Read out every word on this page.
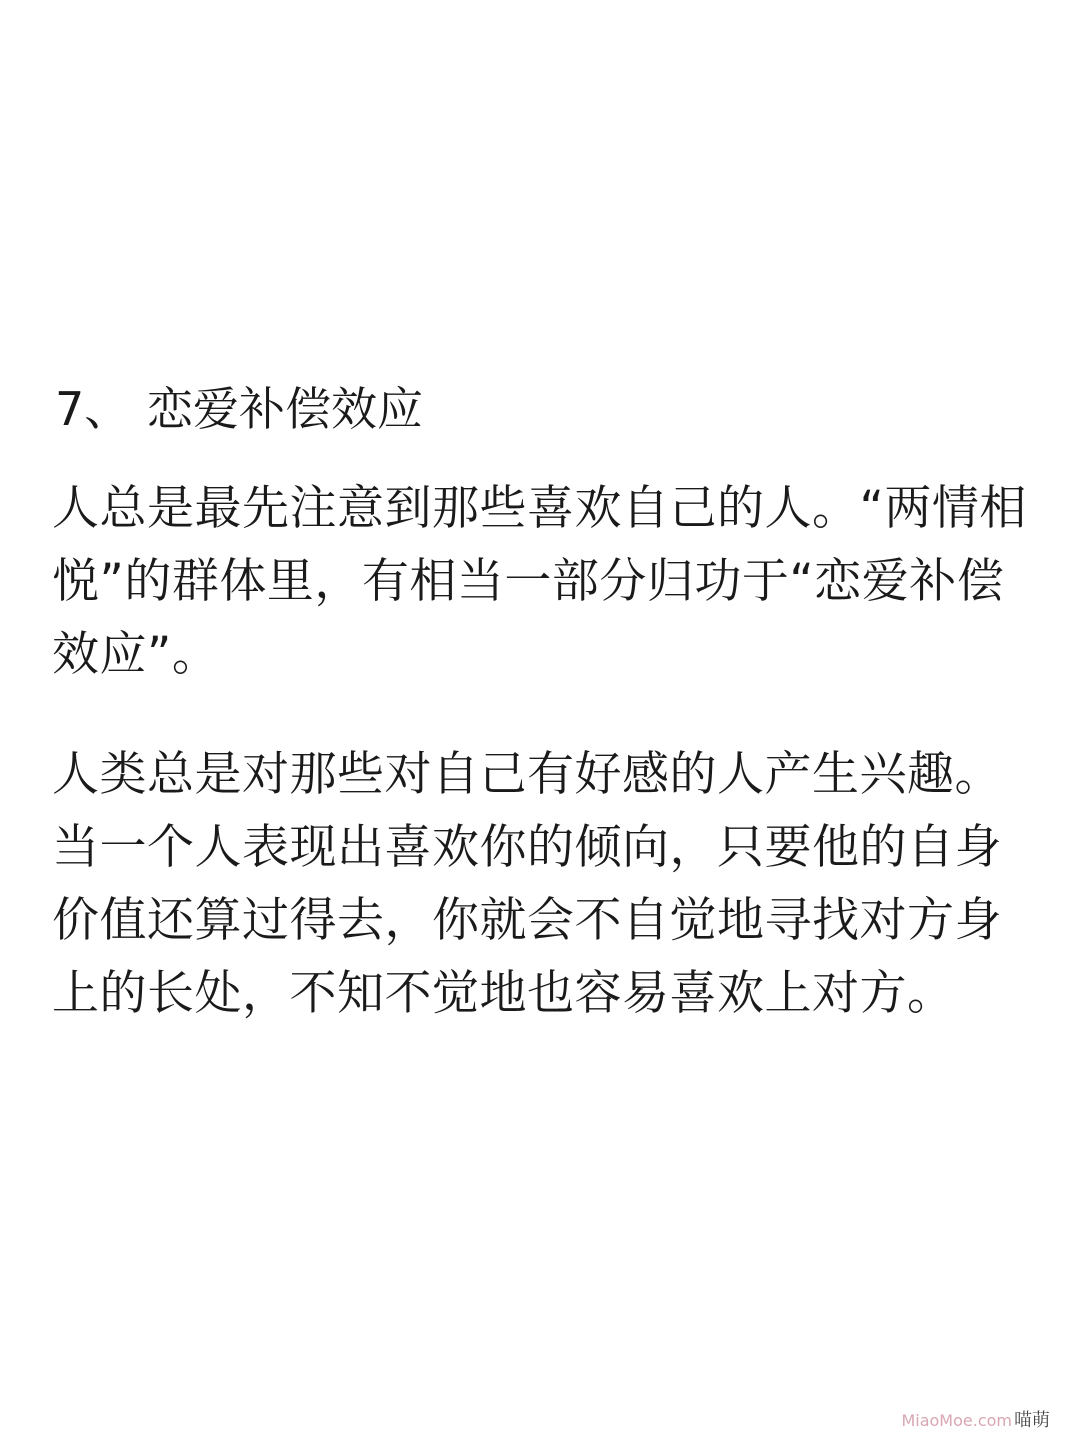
7、 恋爱补偿效应

人总是最先注意到那些喜欢自己的人。“两情相
悦”的群体里，有相当一部分归功于“恋爱补偿
效应”。

人类总是对那些对自己有好感的人产生兴趣。
当一个人表现出喜欢你的倾向，只要他的自身
价值还算过得去，你就会不自觉地寻找对方身
上的长处，不知不觉地也容易喜欢上对方。

MiaoMoe.com 喵萌
